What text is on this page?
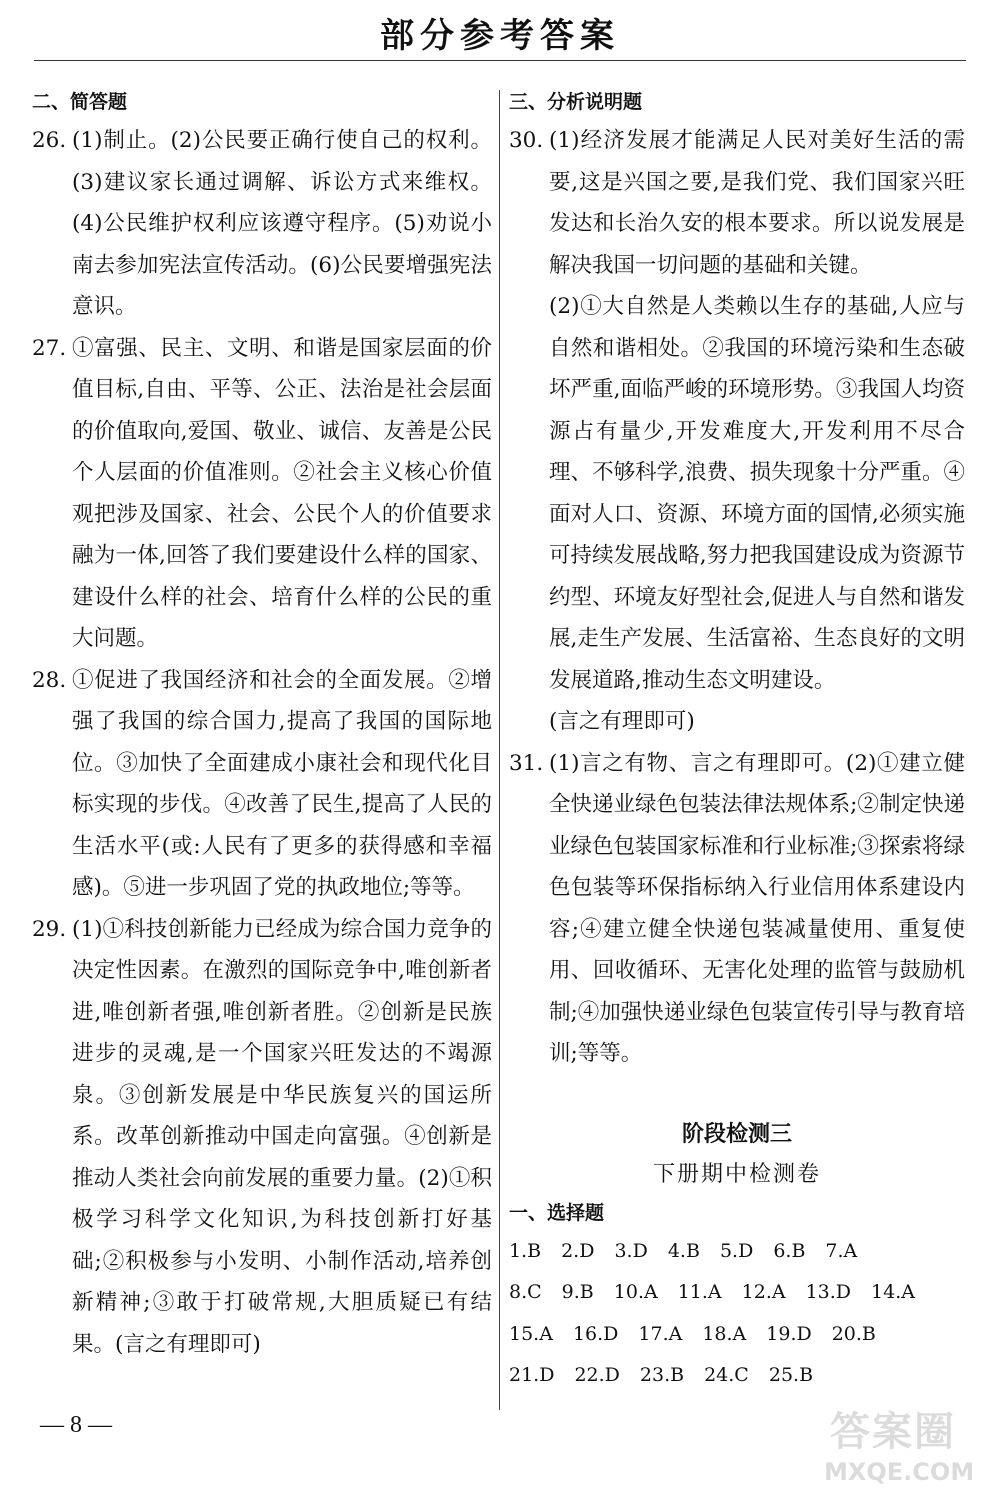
部分参考答案
二、简答题
26. (1)制止。(2)公民要正确行使自己的权利。(3)建议家长通过调解、诉讼方式来维权。(4)公民维护权利应该遵守程序。(5)劝说小南去参加宪法宣传活动。(6)公民要增强宪法意识。
27. ①富强、民主、文明、和谐是国家层面的价值目标,自由、平等、公正、法治是社会层面的价值取向,爱国、敬业、诚信、友善是公民个人层面的价值准则。②社会主义核心价值观把涉及国家、社会、公民个人的价值要求融为一体,回答了我们要建设什么样的国家、建设什么样的社会、培育什么样的公民的重大问题。
28. ①促进了我国经济和社会的全面发展。②增强了我国的综合国力,提高了我国的国际地位。③加快了全面建成小康社会和现代化目标实现的步伐。④改善了民生,提高了人民的生活水平(或:人民有了更多的获得感和幸福感)。⑤进一步巩固了党的执政地位;等等。
29. (1)①科技创新能力已经成为综合国力竞争的决定性因素。在激烈的国际竞争中,唯创新者进,唯创新者强,唯创新者胜。②创新是民族进步的灵魂,是一个国家兴旺发达的不竭源泉。③创新发展是中华民族复兴的国运所系。改革创新推动中国走向富强。④创新是推动人类社会向前发展的重要力量。(2)①积极学习科学文化知识,为科技创新打好基础;②积极参与小发明、小制作活动,培养创新精神;③敢于打破常规,大胆质疑已有结果。(言之有理即可)
三、分析说明题
30. (1)经济发展才能满足人民对美好生活的需要,这是兴国之要,是我们党、我们国家兴旺发达和长治久安的根本要求。所以说发展是解决我国一切问题的基础和关键。

(2)①大自然是人类赖以生存的基础,人应与自然和谐相处。②我国的环境污染和生态破坏严重,面临严峻的环境形势。③我国人均资源占有量少,开发难度大,开发利用不尽合理、不够科学,浪费、损失现象十分严重。④面对人口、资源、环境方面的国情,必须实施可持续发展战略,努力把我国建设成为资源节约型、环境友好型社会,促进人与自然和谐发展,走生产发展、生活富裕、生态良好的文明发展道路,推动生态文明建设。

(言之有理即可)

31. (1)言之有物、言之有理即可。(2)①建立健全快递业绿色包装法律法规体系;②制定快递业绿色包装国家标准和行业标准;③探索将绿色包装等环保指标纳入行业信用体系建设内容;④建立健全快递包装减量使用、重复使用、回收循环、无害化处理的监管与鼓励机制;④加强快递业绿色包装宣传引导与教育培训;等等。

阶段检测三
下册期中检测卷
一、选择题
1.B 2.D 3.D 4.B 5.D 6.B 7.A
8.C 9.B 10.A 11.A 12.A 13.D 14.A
15.A 16.D 17.A 18.A 19.D 20.B
21.D 22.D 23.B 24.C 25.B
— 8 —	答案圈
MXQE.COM
